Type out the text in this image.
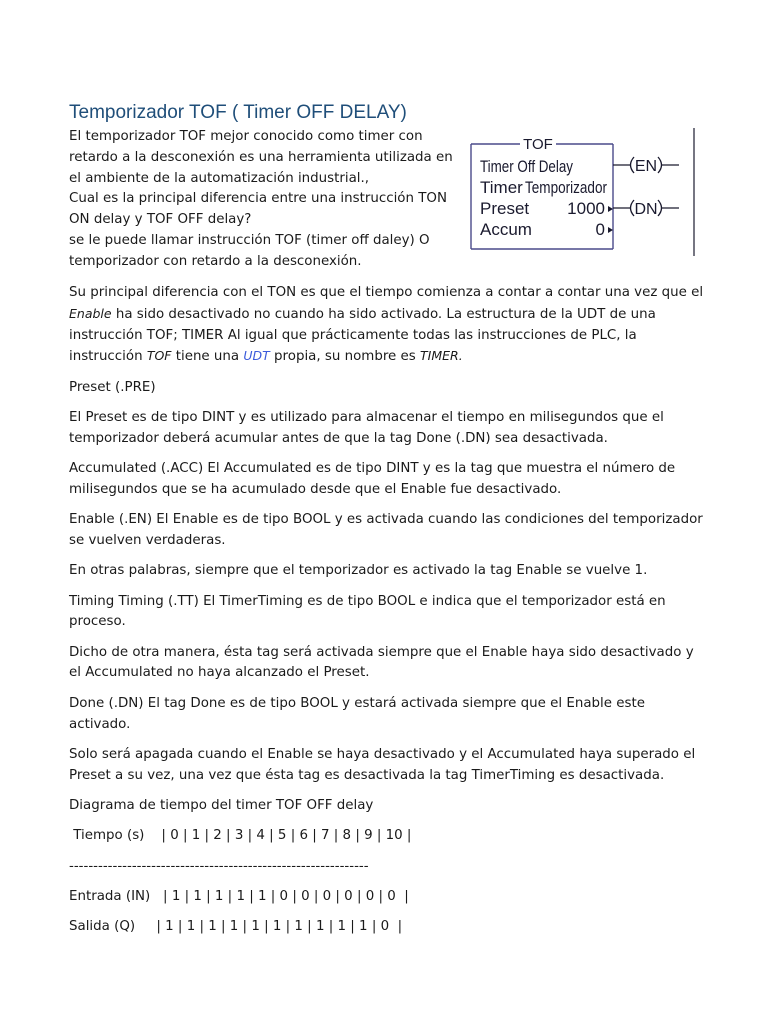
Temporizador TOF ( Timer OFF DELAY)
El temporizador TOF mejor conocido como timer con
retardo a la desconexión es una herramienta utilizada en
el ambiente de la automatización industrial.,
Cual es la principal diferencia entre una instrucción TON
ON delay y TOF OFF delay?
se le puede llamar instrucción TOF (timer off daley) O
temporizador con retardo a la desconexión.
TOF
Timer Off Delay
Timer Temporizador
Preset 1000
Accum	0
EN
DN

Su principal diferencia con el TON es que el tiempo comienza a contar a contar una vez que el Enable ha sido desactivado no cuando ha sido activado. La estructura de la UDT de una instrucción TOF; TIMER Al igual que prácticamente todas las instrucciones de PLC, la instrucción TOF tiene una UDT propia, su nombre es TIMER.

Preset (.PRE)

El Preset es de tipo DINT y es utilizado para almacenar el tiempo en milisegundos que el temporizador deberá acumular antes de que la tag Done (.DN) sea desactivada.

Accumulated (.ACC) El Accumulated es de tipo DINT y es la tag que muestra el número de milisegundos que se ha acumulado desde que el Enable fue desactivado.

Enable (.EN) El Enable es de tipo BOOL y es activada cuando las condiciones del temporizador se vuelven verdaderas.

En otras palabras, siempre que el temporizador es activado la tag Enable se vuelve 1.

Timing Timing (.TT) El TimerTiming es de tipo BOOL e indica que el temporizador está en proceso.

Dicho de otra manera, ésta tag será activada siempre que el Enable haya sido desactivado y el Accumulated no haya alcanzado el Preset.

Done (.DN) El tag Done es de tipo BOOL y estará activada siempre que el Enable este activado.

Solo será apagada cuando el Enable se haya desactivado y el Accumulated haya superado el Preset a su vez, una vez que ésta tag es desactivada la tag TimerTiming es desactivada.

Diagrama de tiempo del timer TOF OFF delay

Tiempo (s)    | 0 | 1 | 2 | 3 | 4 | 5 | 6 | 7 | 8 | 9 | 10 |
--------------------------------------------------------------
Entrada (IN)   | 1 | 1 | 1 | 1 | 1 | 0 | 0 | 0 | 0 | 0 | 0  |
Salida (Q)     | 1 | 1 | 1 | 1 | 1 | 1 | 1 | 1 | 1 | 1 | 0  |
